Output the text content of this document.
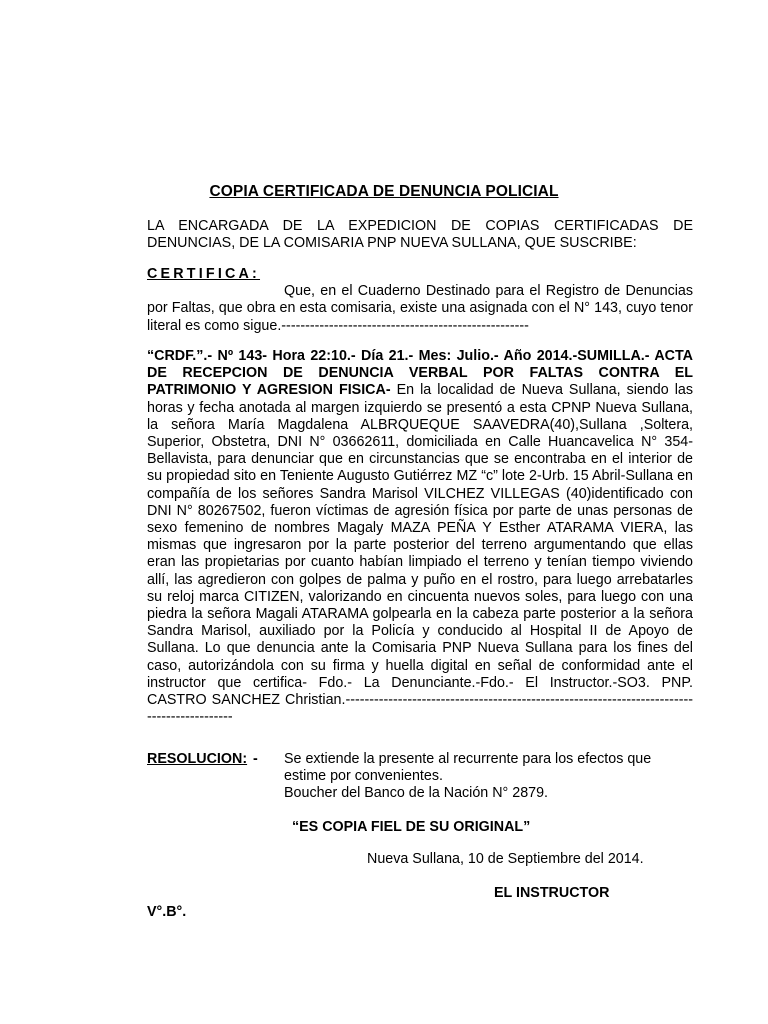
COPIA CERTIFICADA DE DENUNCIA POLICIAL

LA ENCARGADA DE LA EXPEDICION DE COPIAS CERTIFICADAS DE DENUNCIAS, DE LA COMISARIA PNP NUEVA SULLANA, QUE SUSCRIBE:

CERTIFICA:
Que, en el Cuaderno Destinado para el Registro de Denuncias por Faltas, que obra en esta comisaria, existe una asignada con el N° 143, cuyo tenor literal es como sigue.----------------------------------------------------

“CRDF.”.- Nº 143- Hora 22:10.- Día 21.- Mes: Julio.- Año 2014.-SUMILLA.- ACTA DE RECEPCION DE DENUNCIA VERBAL POR FALTAS CONTRA EL PATRIMONIO Y AGRESION FISICA- En la localidad de Nueva Sullana, siendo las horas y fecha anotada al margen izquierdo se presentó a esta CPNP Nueva Sullana, la señora María Magdalena ALBRQUEQUE SAAVEDRA(40),Sullana ,Soltera, Superior, Obstetra, DNI N° 03662611, domiciliada en Calle Huancavelica N° 354-Bellavista, para denunciar que en circunstancias que se encontraba en el interior de su propiedad sito en Teniente Augusto Gutiérrez MZ “c” lote 2-Urb. 15 Abril-Sullana en compañía de los señores Sandra Marisol VILCHEZ VILLEGAS (40)identificado con DNI N° 80267502, fueron víctimas de agresión física por parte de unas personas de sexo femenino de nombres Magaly MAZA PEÑA Y Esther ATARAMA VIERA, las mismas que ingresaron por la parte posterior del terreno argumentando que ellas eran las propietarias por cuanto habían limpiado el terreno y tenían tiempo viviendo allí, las agredieron con golpes de palma y puño en el rostro, para luego arrebatarles su reloj marca CITIZEN, valorizando en cincuenta nuevos soles, para luego con una piedra la señora Magali ATARAMA golpearla en la cabeza parte posterior a la señora Sandra Marisol, auxiliado por la Policía y conducido al Hospital II de Apoyo de Sullana. Lo que denuncia ante la Comisaria PNP Nueva Sullana para los fines del caso, autorizándola con su firma y huella digital en señal de conformidad ante el instructor que certifica- Fdo.- La Denunciante.-Fdo.- El Instructor.-SO3. PNP. CASTRO SANCHEZ Christian.-------------------------------------------------------------------------------------------

RESOLUCION: - Se extiende la presente al recurrente para los efectos que
estime por convenientes.
Boucher del Banco de la Nación N° 2879.
“ES COPIA FIEL DE SU ORIGINAL”
Nueva Sullana, 10 de Septiembre del 2014.
EL INSTRUCTOR
V°.B°.
